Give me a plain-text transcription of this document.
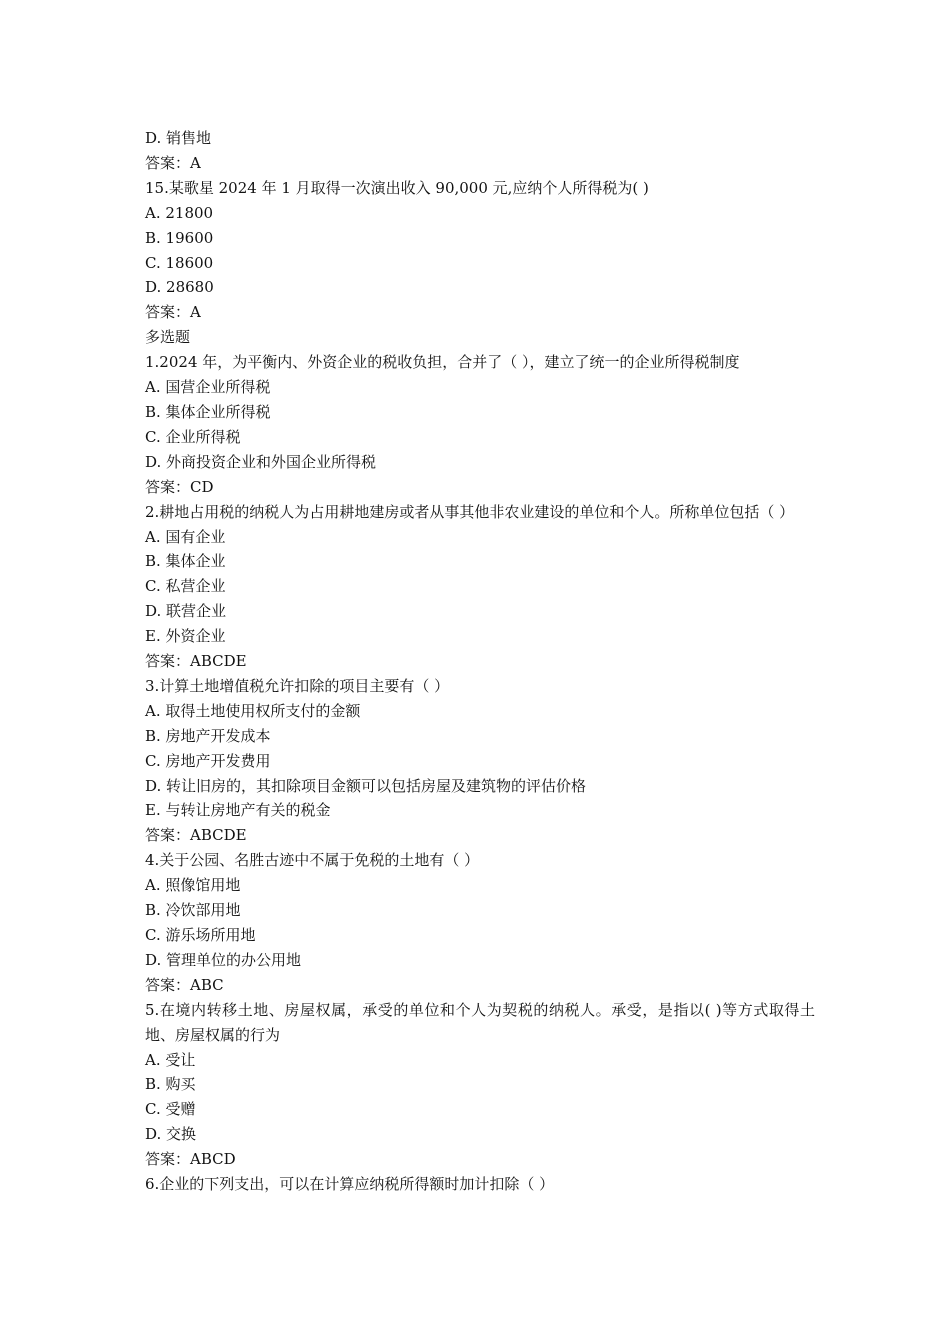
D. 销售地
答案：A
15.某歌星 2024 年 1 月取得一次演出收入 90,000 元,应纳个人所得税为( )
A. 21800
B. 19600
C. 18600
D. 28680
答案：A
多选题
1.2024 年，为平衡内、外资企业的税收负担，合并了（ ），建立了统一的企业所得税制度
A. 国营企业所得税
B. 集体企业所得税
C. 企业所得税
D. 外商投资企业和外国企业所得税
答案：CD
2.耕地占用税的纳税人为占用耕地建房或者从事其他非农业建设的单位和个人。所称单位包括（ ）
A. 国有企业
B. 集体企业
C. 私营企业
D. 联营企业
E. 外资企业
答案：ABCDE
3.计算土地增值税允许扣除的项目主要有（ ）
A. 取得土地使用权所支付的金额
B. 房地产开发成本
C. 房地产开发费用
D. 转让旧房的，其扣除项目金额可以包括房屋及建筑物的评估价格
E. 与转让房地产有关的税金
答案：ABCDE
4.关于公园、名胜古迹中不属于免税的土地有（ ）
A. 照像馆用地
B. 冷饮部用地
C. 游乐场所用地
D. 管理单位的办公用地
答案：ABC
5.在境内转移土地、房屋权属，承受的单位和个人为契税的纳税人。承受，是指以( )等方式取得土地、房屋权属的行为
A. 受让
B. 购买
C. 受赠
D. 交换
答案：ABCD
6.企业的下列支出，可以在计算应纳税所得额时加计扣除（ ）
